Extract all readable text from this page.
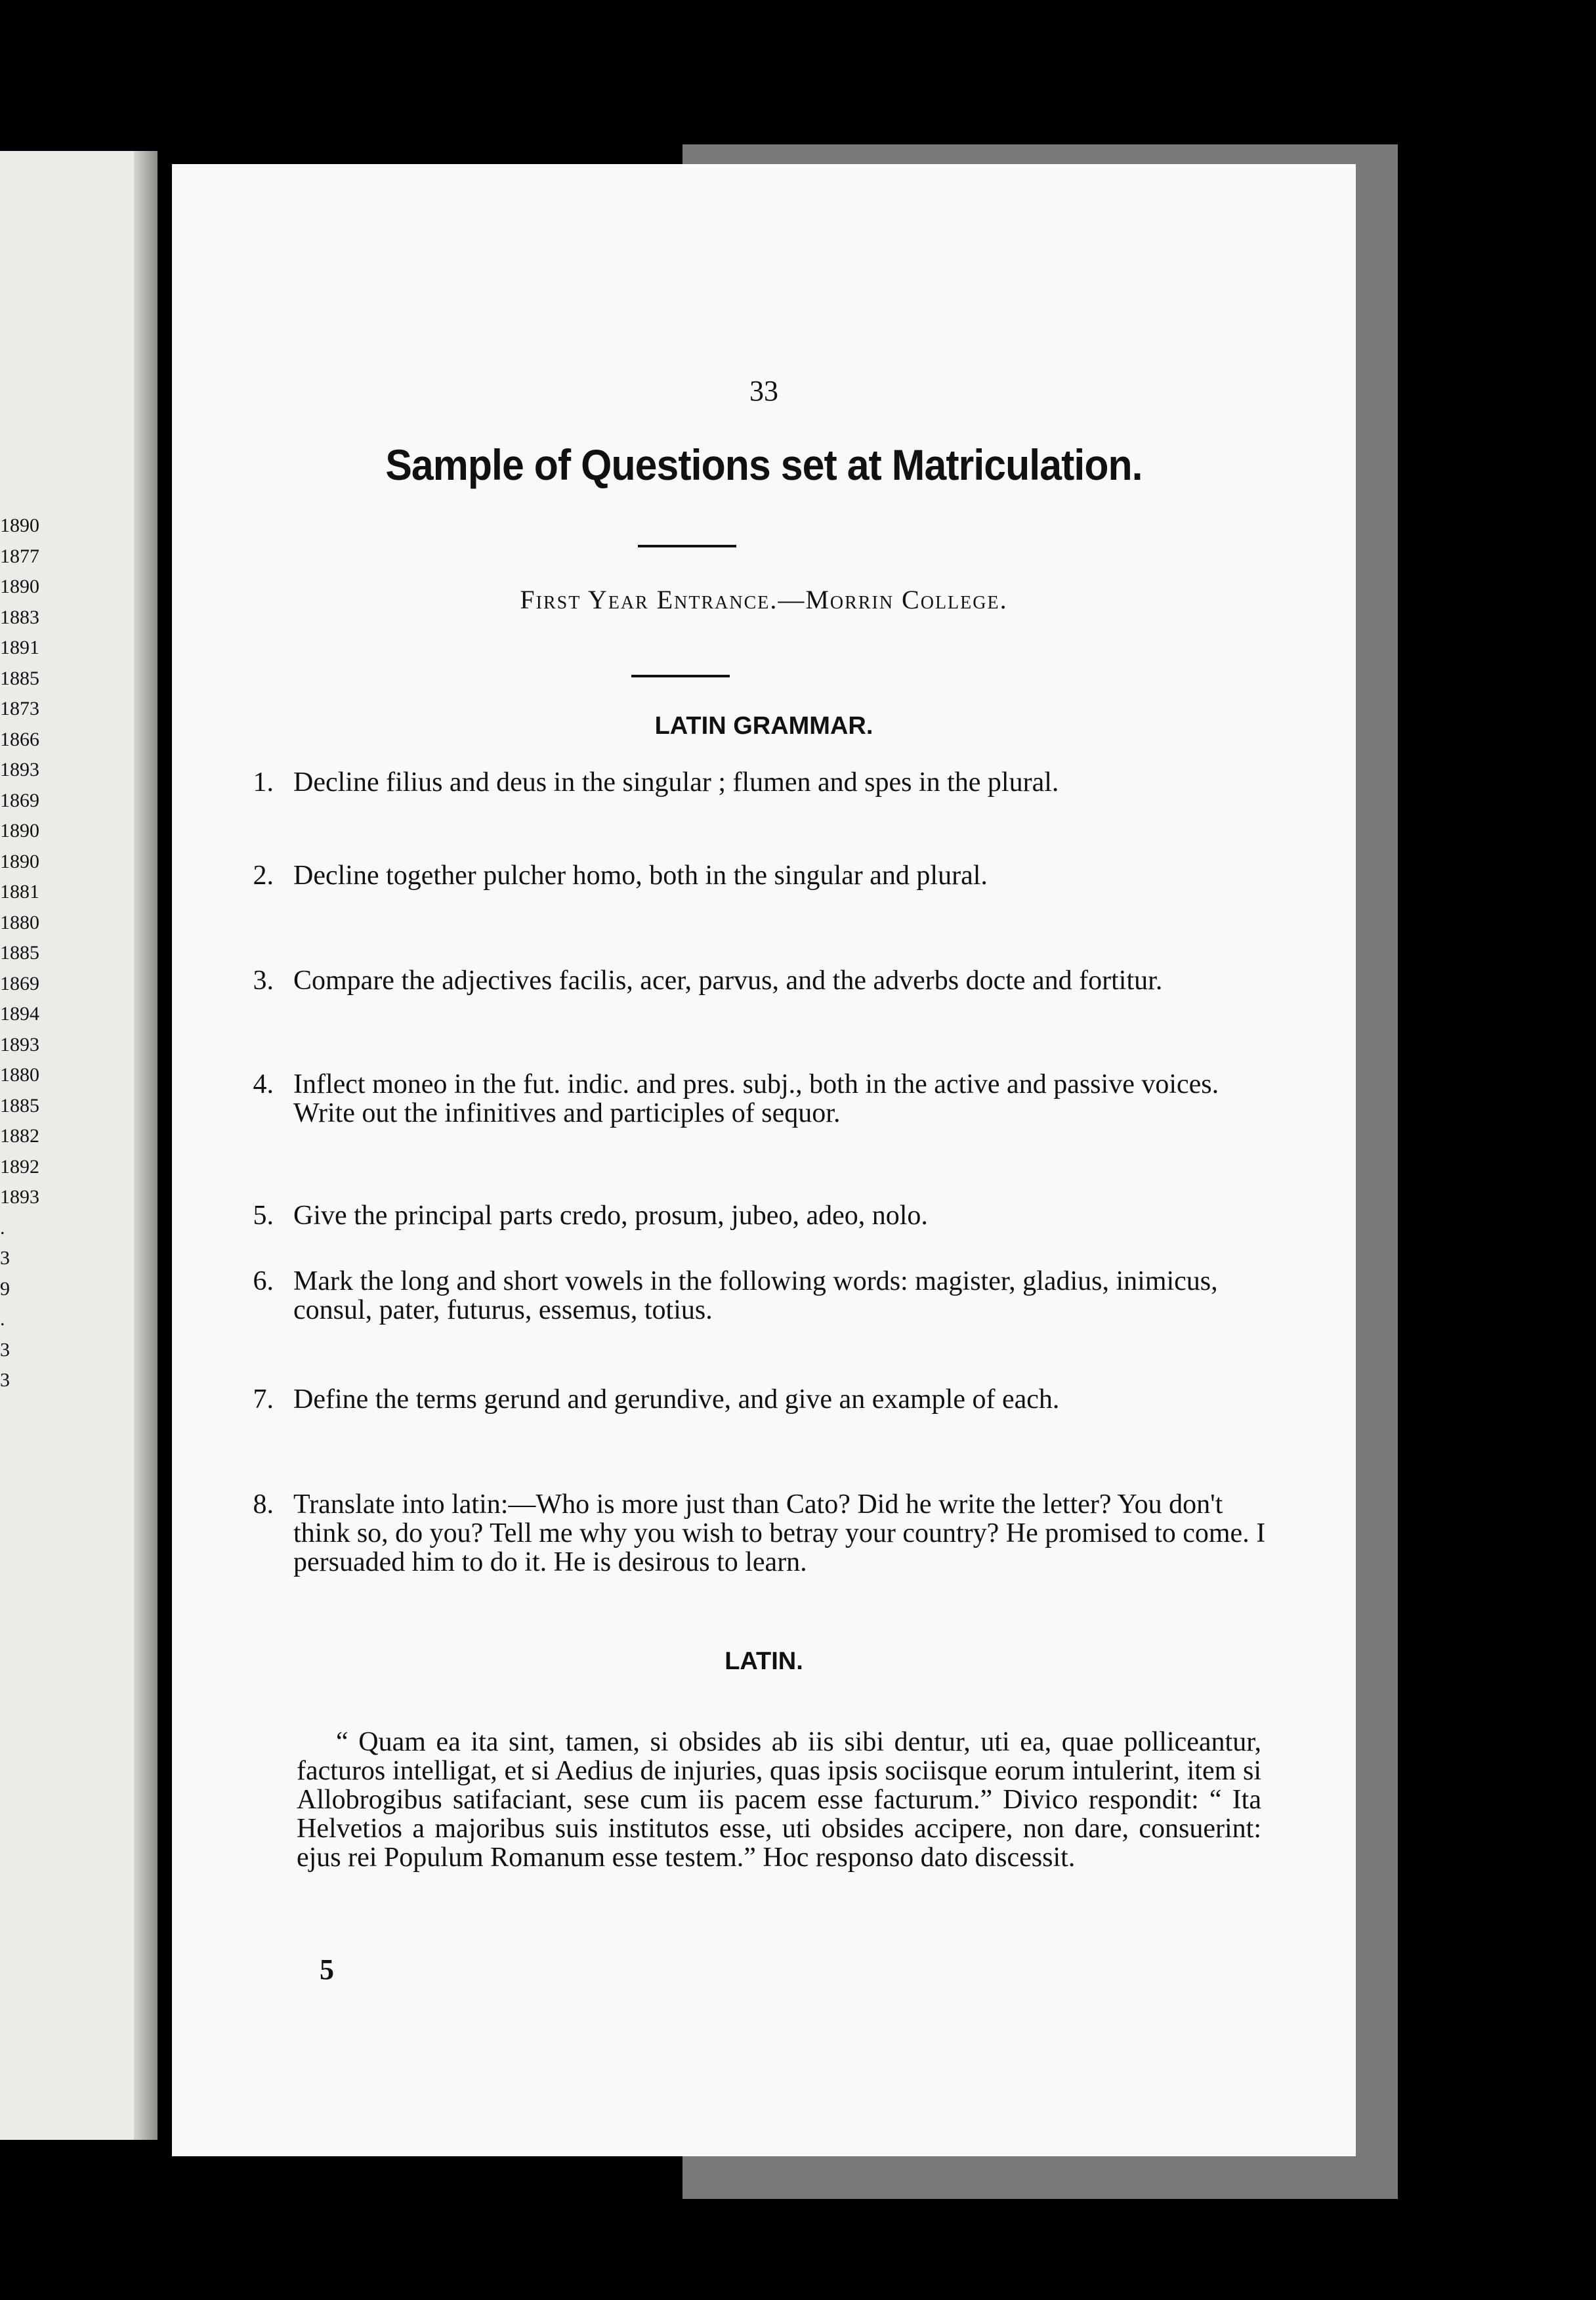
1890
1877
1890
1883
1891
1885
1873
1866
1893
1869
1890
1890
1881
1880
1885
1869
1894
1893
1880
1885
1882
1892
1893
.
3
9
.
3
3
33
Sample of Questions set at Matriculation.
First Year Entrance.—Morrin College.
LATIN GRAMMAR.
1. Decline filius and deus in the singular ; flumen and spes in the plural.
2. Decline together pulcher homo, both in the singular and plural.
3. Compare the adjectives facilis, acer, parvus, and the adverbs docte and fortitur.
4. Inflect moneo in the fut. indic. and pres. subj., both in the active and passive voices. Write out the infinitives and participles of sequor.
5. Give the principal parts credo, prosum, jubeo, adeo, nolo.
6. Mark the long and short vowels in the following words: magister, gladius, inimicus, consul, pater, futurus, essemus, totius.
7. Define the terms gerund and gerundive, and give an example of each.
8. Translate into latin:—Who is more just than Cato? Did he write the letter? You don't think so, do you? Tell me why you wish to betray your country? He promised to come. I persuaded him to do it. He is desirous to learn.
LATIN.

“ Quam ea ita sint, tamen, si obsides ab iis sibi dentur, uti ea, quae polliceantur, facturos intelligat, et si Aedius de injuries, quas ipsis sociisque eorum intulerint, item si Allobrogibus satifaciant, sese cum iis pacem esse facturum.” Divico respondit: “ Ita Helvetios a majoribus suis institutos esse, uti obsides accipere, non dare, consuerint: ejus rei Populum Romanum esse testem.” Hoc responso dato discessit.

5
